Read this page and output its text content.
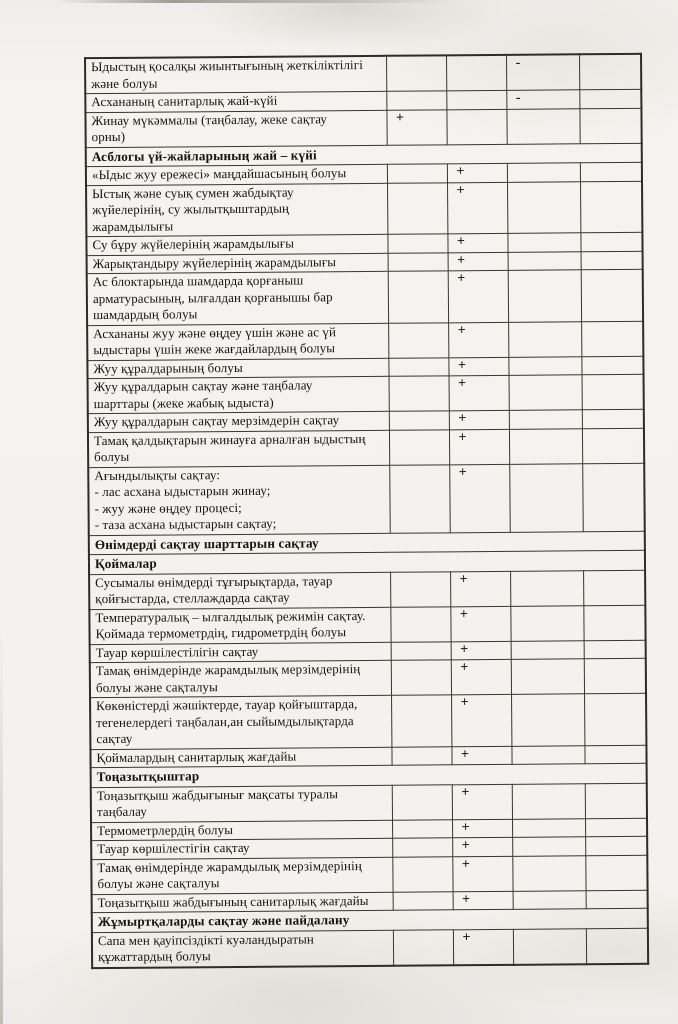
Ыдыстың қосалқы жиынтығының жеткіліктілігі
және болуы			-	
Асхананың санитарлық жай-күйі			-	
Жинау мүкәммалы (таңбалау, жеке сақтау
орны)	+			
Асблогы үй-жайларының жай – күйі				
«Ыдыс жуу ережесі» маңдайшасының болуы		+		
Ыстық және суық сумен жабдықтау
жүйелерінің, су жылытқыштардың
жарамдылығы		+		
Су бұру жүйелерінің жарамдылығы		+		
Жарықтандыру жүйелерінің жарамдылығы		+		
Ас блоктарында шамдарда қорғаныш
арматурасының, ылғалдан қорғанышы бар
шамдардың болуы		+		
Асхананы жуу және өңдеу үшін және ас үй
ыдыстары үшін жеке жағдайлардың болуы		+		
Жуу құралдарының болуы		+		
Жуу құралдарын сақтау және таңбалау
шарттары (жеке жабық ыдыста)		+		
Жуу құралдарын сақтау мерзімдерін сақтау		+		
Тамақ қалдықтарын жинауға арналған ыдыстың
болуы		+		
Ағындылықты сақтау:
- лас асхана ыдыстарын жинау;
- жуу және өңдеу процесі;
- таза асхана ыдыстарын сақтау;		+		
Өнімдерді сақтау шарттарын сақтау				
Қоймалар				
Сусымалы өнімдерді тұғырықтарда, тауар
қойғыстарда, стеллаждарда сақтау		+		
Температуралық – ылғалдылық режимін сақтау.
Қоймада термометрдің, гидрометрдің болуы		+		
Тауар көршілестілігін сақтау		+		
Тамақ өнімдерінде жарамдылық мерзімдерінің
болуы және сақталуы		+		
Көкөністерді жәшіктерде, тауар қойғыштарда,
тегенелердегі таңбалан,ан сыйымдылықтарда
сақтау		+		
Қоймалардың санитарлық жағдайы		+		
Тоңазытқыштар				
Тоңазытқыш жабдығынығ мақсаты туралы
таңбалау		+		
Термометрлердің болуы		+		
Тауар көршілестігін сақтау		+		
Тамақ өнімдерінде жарамдылық мерзімдерінің
болуы және сақталуы		+		
Тоңазытқыш жабдығының санитарлық жағдайы		+		
Жұмыртқаларды сақтау және пайдалану				
Сапа мен қауіпсіздікті куәландыратын
құжаттардың болуы		+		
